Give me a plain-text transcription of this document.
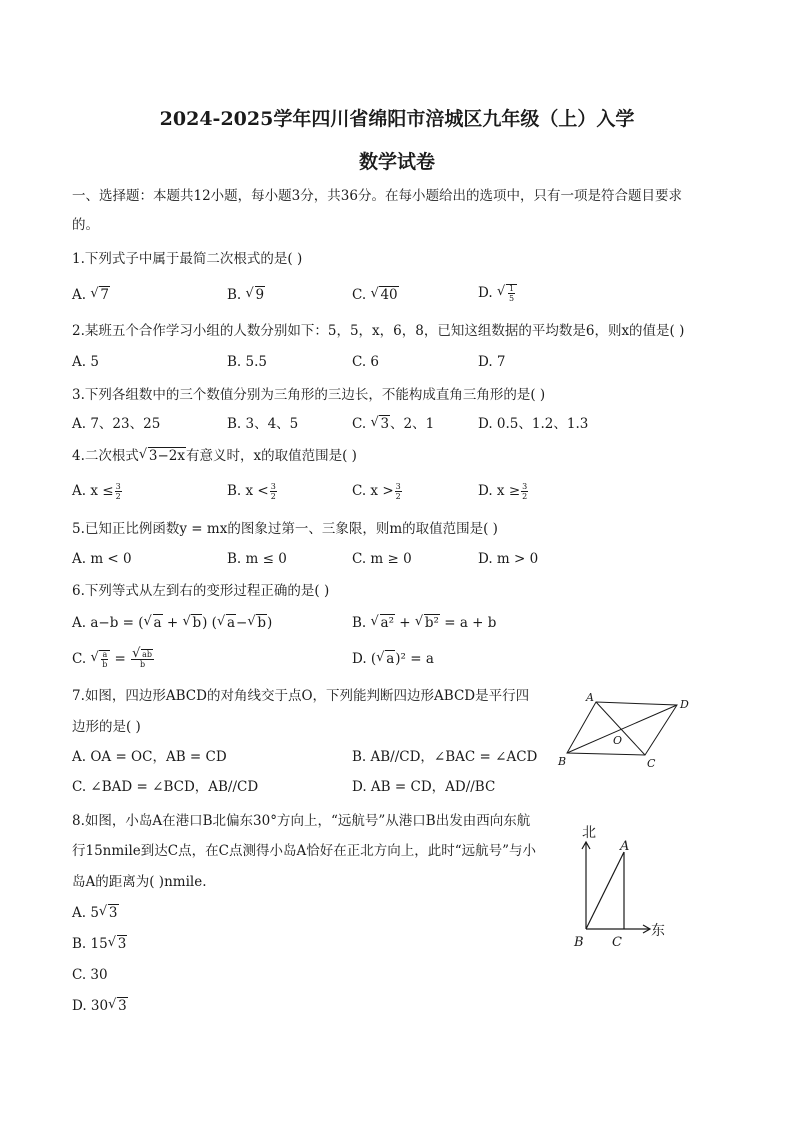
2024-2025学年四川省绵阳市涪城区九年级（上）入学
数学试卷
一、选择题：本题共12小题，每小题3分，共36分。在每小题给出的选项中，只有一项是符合题目要求
的。
1.下列式子中属于最简二次根式的是( )
A. √ 7	B. √ 9	C. √ 40	D. √ $\frac{1}{5}$
2.某班五个合作学习小组的人数分别如下：5，5，x，6，8，已知这组数据的平均数是6，则x的值是( )
A. 5	B. 5.5	C. 6	D. 7
3.下列各组数中的三个数值分别为三角形的三边长，不能构成直角三角形的是( )
A. 7、23、25	B. 3、4、5	C. √ 3、2、1	D. 0.5、1.2、1.3
4.二次根式 √ 3−2x有意义时，x的取值范围是( )
A. $x \le \frac{3}{2}$	B. $x < \frac{3}{2}$	C. $x > \frac{3}{2}$	D. $x \ge \frac{3}{2}$
5.已知正比例函数y = mx的图象过第一、三象限，则m的取值范围是( )
A. m < 0	B. m ≤ 0	C. m ≥ 0	D. m > 0
6.下列等式从左到右的变形过程正确的是( )
A. a−b = ( √ a + √ b) ( √ a− √ b)	B. √ a² + √ b² = a + b
C. √ $\frac{a}{b}$ = √ $\frac{ab}{b}$	D. ( √ a)² = a
7.如图，四边形ABCD的对角线交于点O，下列能判断四边形ABCD是平行四
边形的是( )
A. OA = OC，AB = CD	B. AB//CD，∠BAC = ∠ACD
C. ∠BAD = ∠BCD，AB//CD	D. AB = CD，AD//BC
A
D
B	C
O
8.如图，小岛A在港口B北偏东30°方向上，“远航号”从港口B出发由西向东航
行15nmile到达C点，在C点测得小岛A恰好在正北方向上，此时“远航号”与小
岛A的距离为( )nmile.
A. 5 √ 3
B. 15 √ 3
C. 30
D. 30 √ 3
北
东
A
B C
